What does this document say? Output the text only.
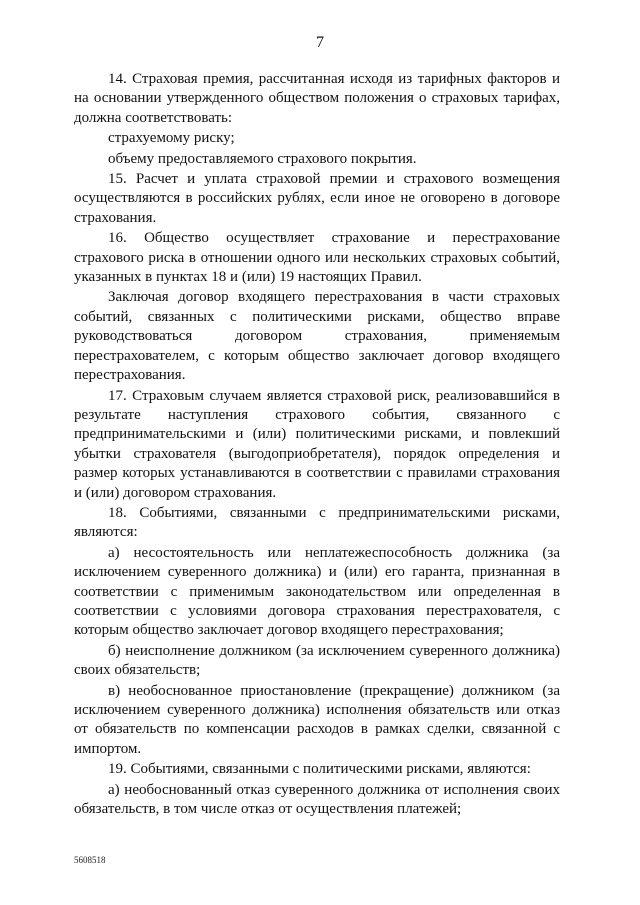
7

14. Страховая премия, рассчитанная исходя из тарифных факторов и на основании утвержденного обществом положения о страховых тарифах, должна соответствовать:

страхуемому риску;

объему предоставляемого страхового покрытия.

15. Расчет и уплата страховой премии и страхового возмещения осуществляются в российских рублях, если иное не оговорено в договоре страхования.

16. Общество осуществляет страхование и перестрахование страхового риска в отношении одного или нескольких страховых событий, указанных в пунктах 18 и (или) 19 настоящих Правил.

Заключая договор входящего перестрахования в части страховых событий, связанных с политическими рисками, общество вправе руководствоваться договором страхования, применяемым перестрахователем, с которым общество заключает договор входящего перестрахования.

17. Страховым случаем является страховой риск, реализовавшийся в результате наступления страхового события, связанного с предпринимательскими и (или) политическими рисками, и повлекший убытки страхователя (выгодоприобретателя), порядок определения и размер которых устанавливаются в соответствии с правилами страхования и (или) договором страхования.

18. Событиями, связанными с предпринимательскими рисками, являются:

а) несостоятельность или неплатежеспособность должника (за исключением суверенного должника) и (или) его гаранта, признанная в соответствии с применимым законодательством или определенная в соответствии с условиями договора страхования перестрахователя, с которым общество заключает договор входящего перестрахования;

б) неисполнение должником (за исключением суверенного должника) своих обязательств;

в) необоснованное приостановление (прекращение) должником (за исключением суверенного должника) исполнения обязательств или отказ от обязательств по компенсации расходов в рамках сделки, связанной с импортом.

19. Событиями, связанными с политическими рисками, являются:

а) необоснованный отказ суверенного должника от исполнения своих обязательств, в том числе отказ от осуществления платежей;

5608518
